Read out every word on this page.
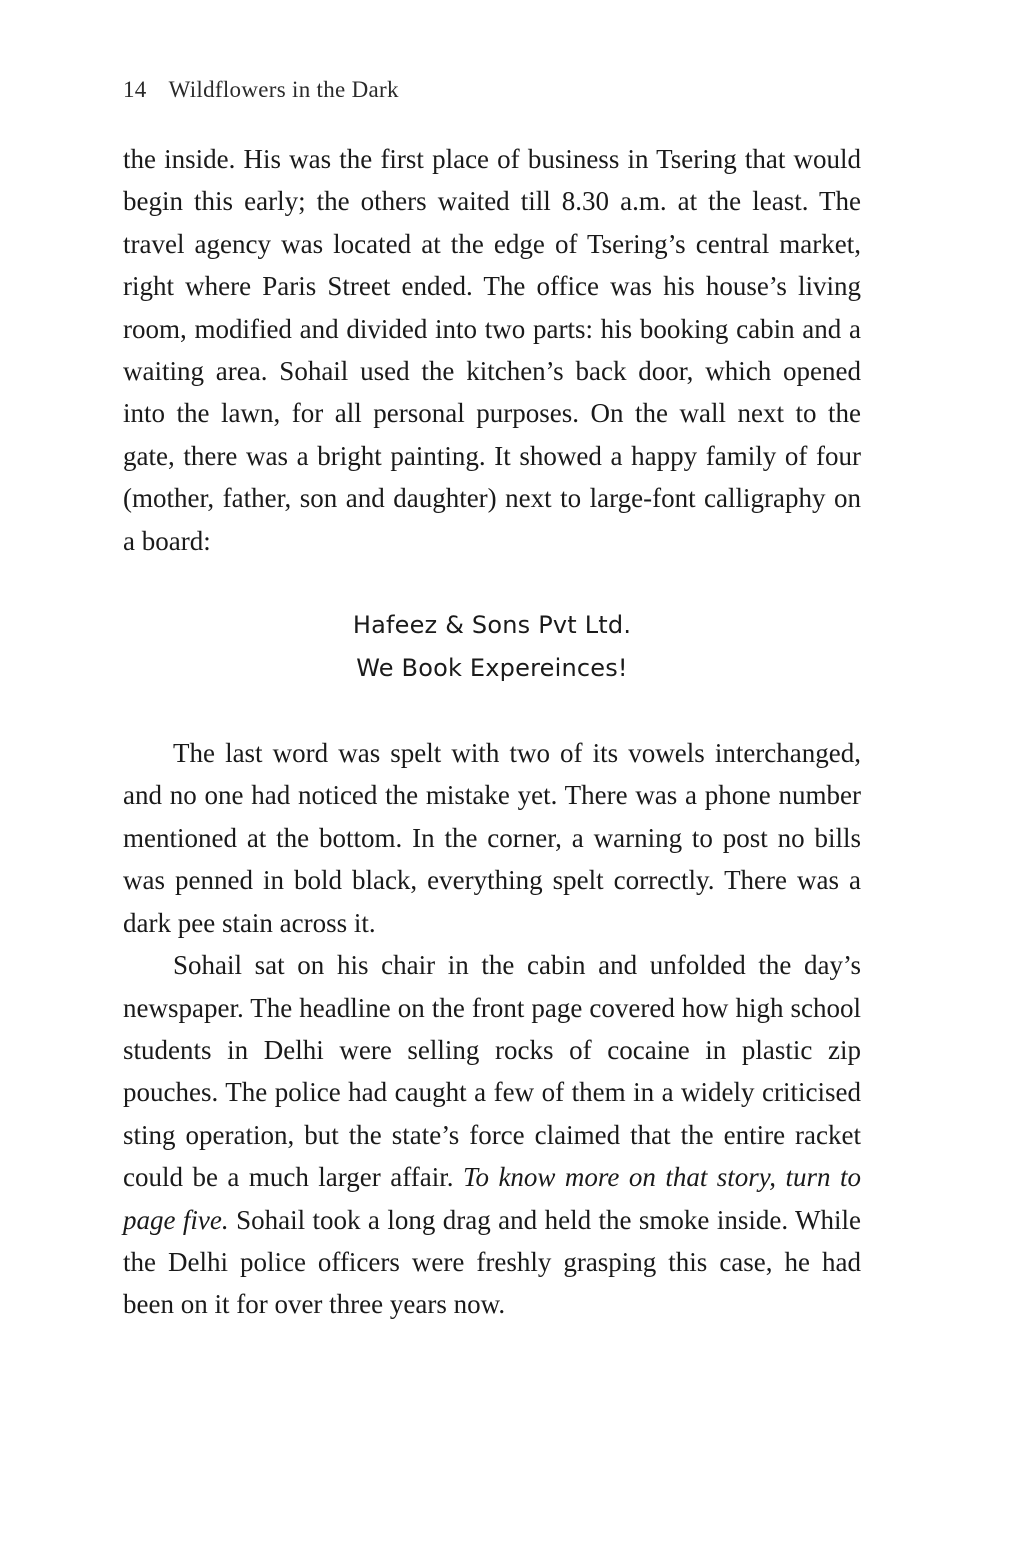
14 Wildflowers in the Dark

the inside. His was the first place of business in Tsering that would begin this early; the others waited till 8.30 a.m. at the least. The travel agency was located at the edge of Tsering’s central market, right where Paris Street ended. The office was his house’s living room, modified and divided into two parts: his booking cabin and a waiting area. Sohail used the kitchen’s back door, which opened into the lawn, for all personal purposes. On the wall next to the gate, there was a bright painting. It showed a happy family of four (mother, father, son and daughter) next to large-font calligraphy on a board:

Hafeez & Sons Pvt Ltd.
We Book Expereinces!

The last word was spelt with two of its vowels interchanged, and no one had noticed the mistake yet. There was a phone number mentioned at the bottom. In the corner, a warning to post no bills was penned in bold black, everything spelt correctly. There was a dark pee stain across it.

Sohail sat on his chair in the cabin and unfolded the day’s newspaper. The headline on the front page covered how high school students in Delhi were selling rocks of cocaine in plastic zip pouches. The police had caught a few of them in a widely criticised sting operation, but the state’s force claimed that the entire racket could be a much larger affair. To know more on that story, turn to page five. Sohail took a long drag and held the smoke inside. While the Delhi police officers were freshly grasping this case, he had been on it for over three years now.
